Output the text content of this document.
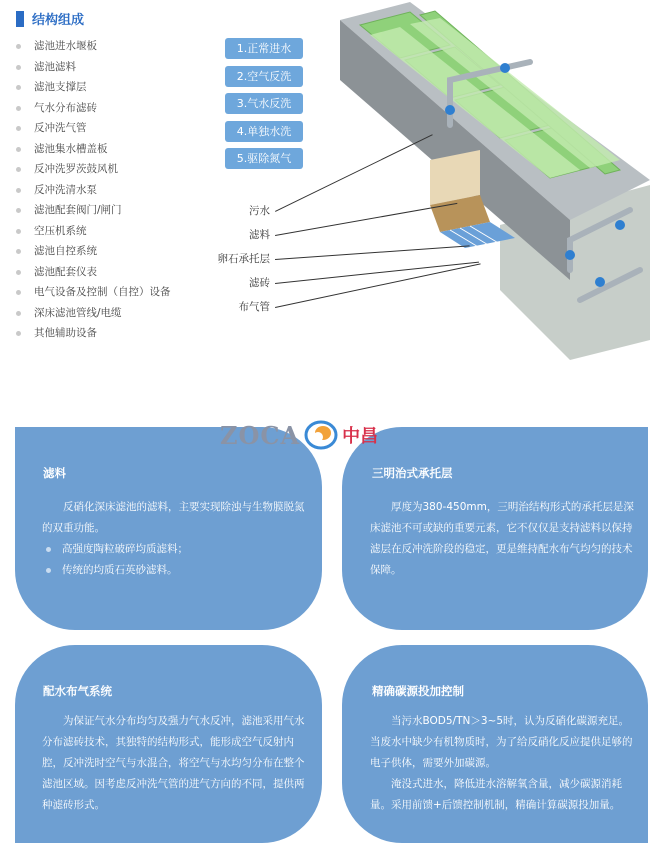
结构组成
滤池进水堰板
滤池滤料
滤池支撑层
气水分布滤砖
反冲洗气管
滤池集水槽盖板
反冲洗罗茨鼓风机
反冲洗清水泵
滤池配套阀门/闸门
空压机系统
滤池自控系统
滤池配套仪表
电气设备及控制（自控）设备
深床滤池管线/电缆
其他辅助设备
1.正常进水
2.空气反洗
3.气水反洗
4.单独水洗
5.驱除氮气
污水
滤料
卵石承托层
滤砖
布气管
滤料

反硝化深床滤池的滤料，主要实现除浊与生物膜脱氮的双重功能。

高强度陶粒破碎均质滤料；
传统的均质石英砂滤料。
三明治式承托层

厚度为380-450mm，三明治结构形式的承托层是深床滤池不可或缺的重要元素，它不仅仅是支持滤料以保持滤层在反冲洗阶段的稳定，更是维持配水布气均匀的技术保障。

配水布气系统

为保证气水分布均匀及强力气水反冲，滤池采用气水分布滤砖技术，其独特的结构形式，能形成空气反射内腔，反冲洗时空气与水混合，将空气与水均匀分布在整个滤池区域。因考虑反冲洗气管的进气方向的不同，提供两种滤砖形式。

精确碳源投加控制

当污水BOD5/TN＞3~5时，认为反硝化碳源充足。当废水中缺少有机物质时，为了给反硝化反应提供足够的电子供体，需要外加碳源。

淹没式进水，降低进水溶解氧含量，减少碳源消耗量。采用前馈+后馈控制机制，精确计算碳源投加量。

ZOCA 中昌
